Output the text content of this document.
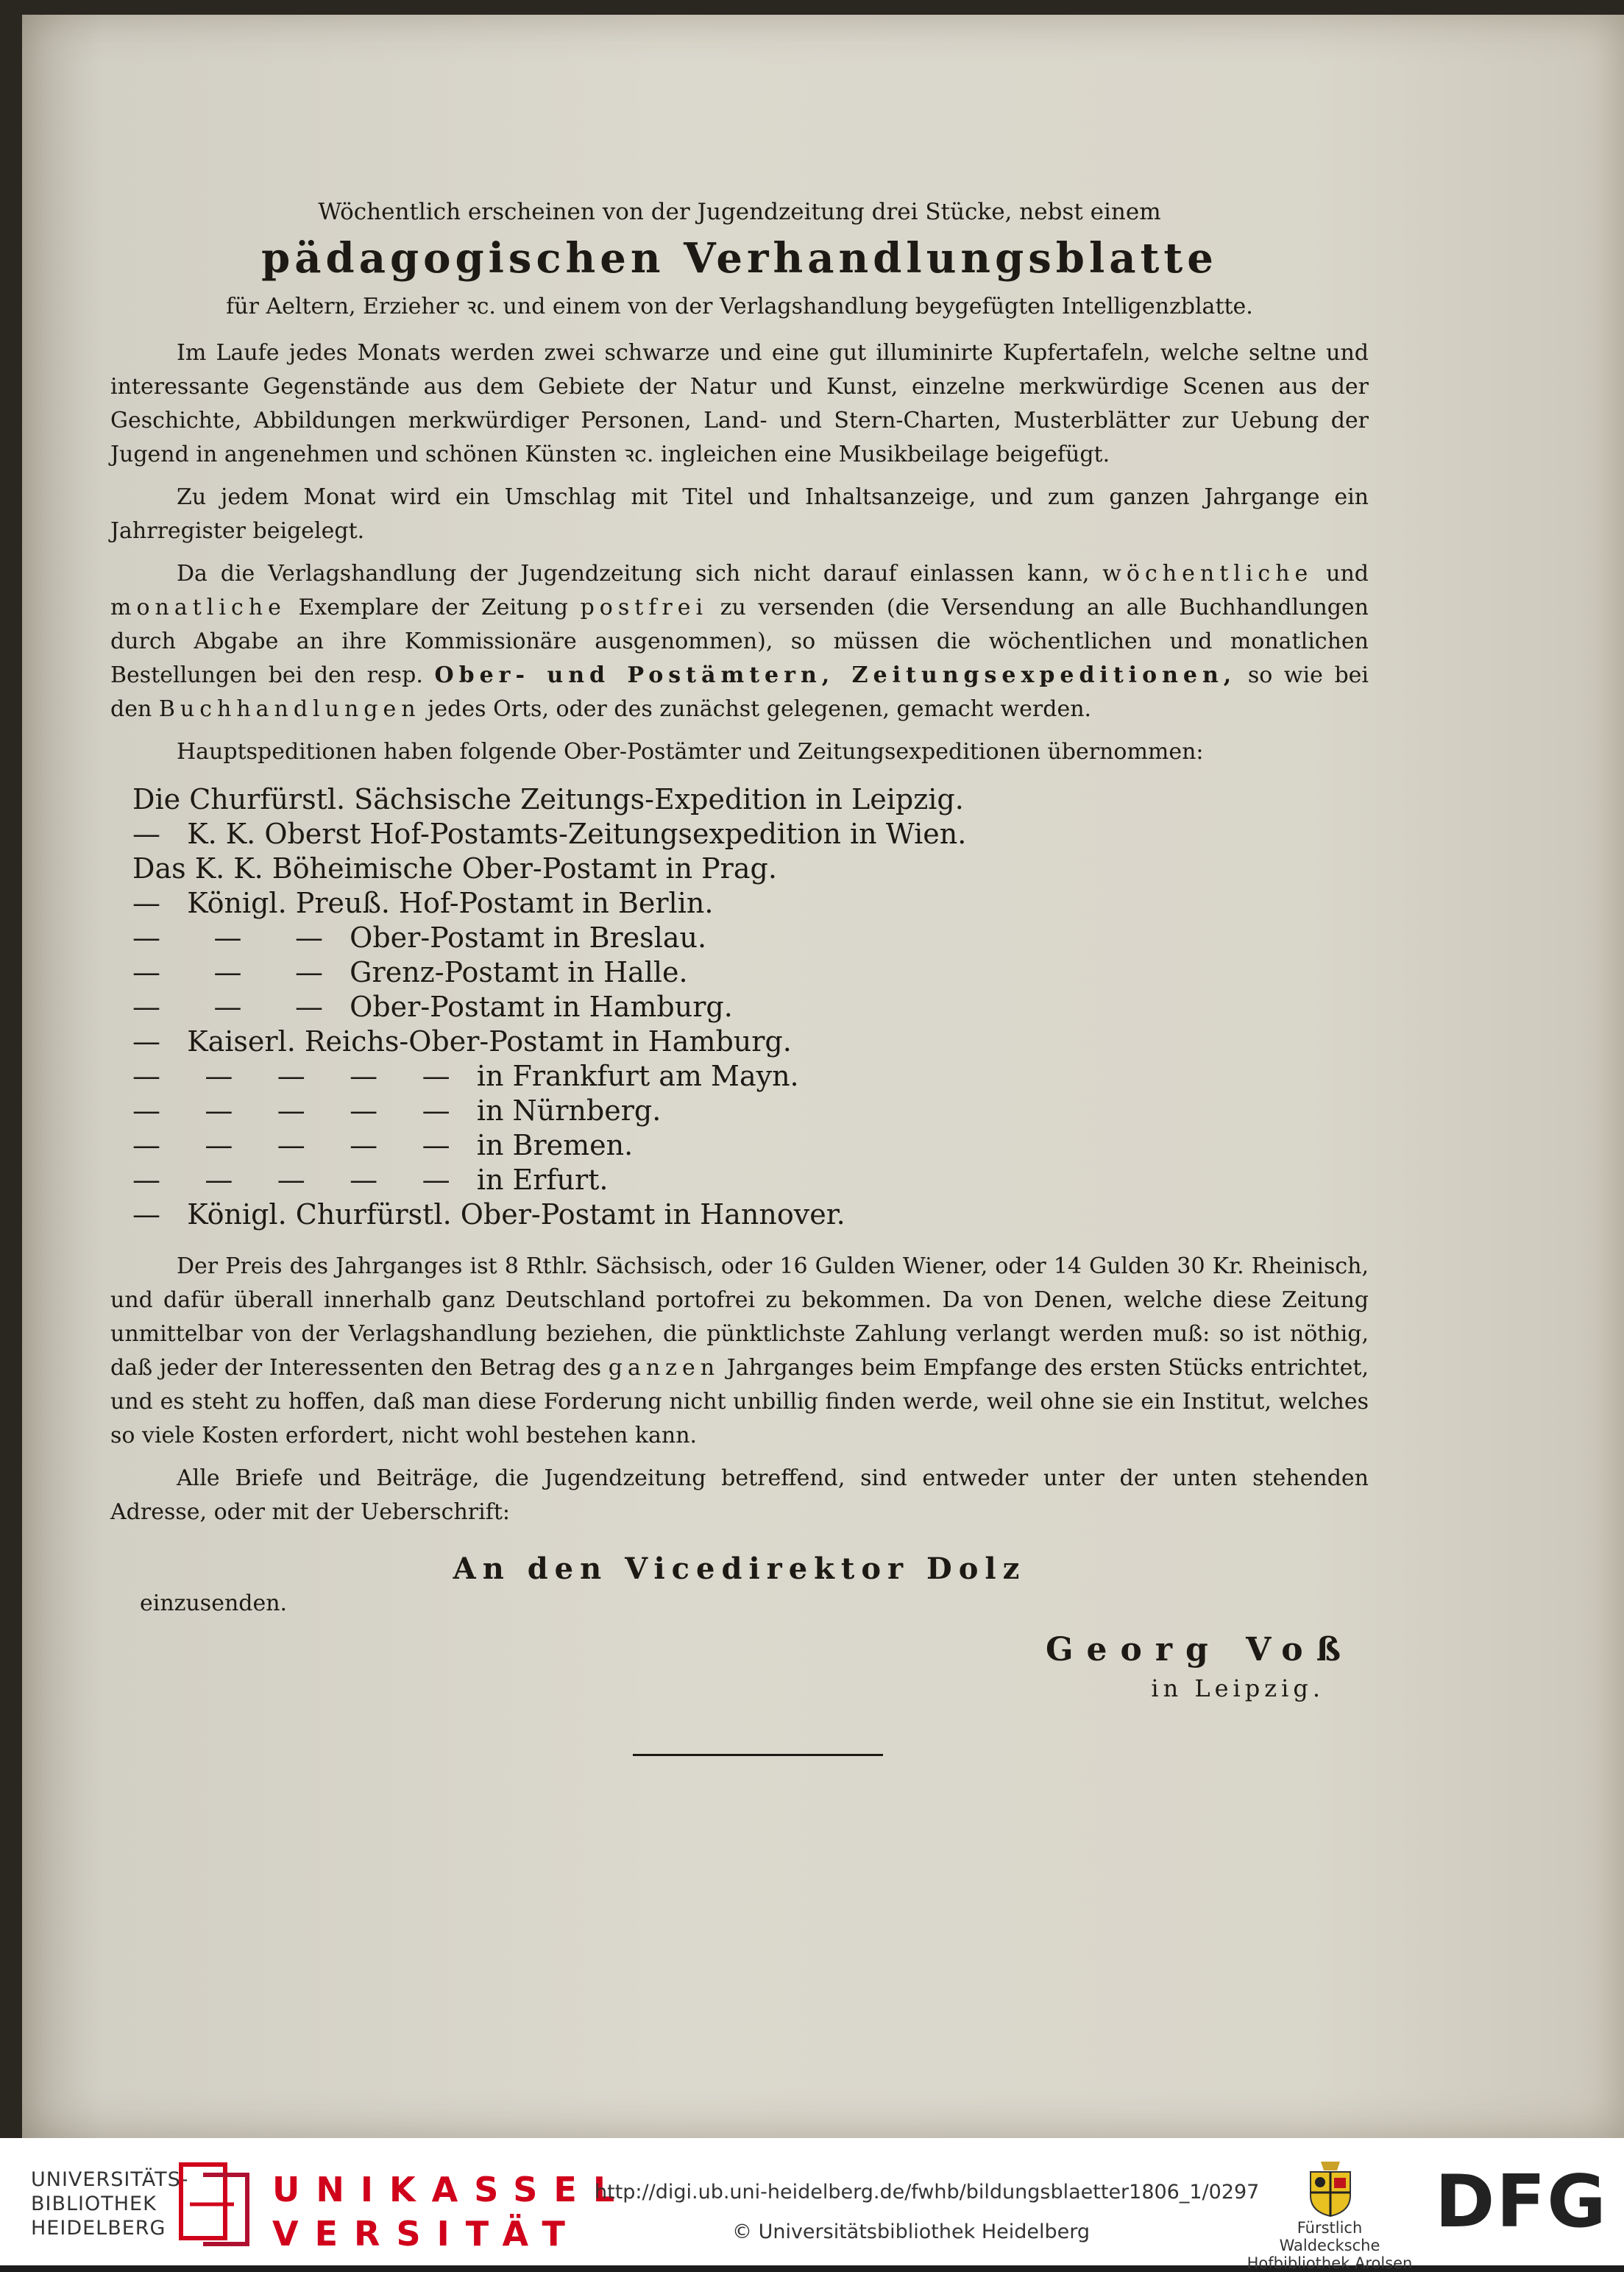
Wöchentlich erscheinen von der Jugendzeitung drei Stücke, nebst einem
pädagogischen Verhandlungsblatte
für Aeltern, Erzieher ꝛc. und einem von der Verlagshandlung beygefügten Intelligenzblatte.

Im Laufe jedes Monats werden zwei schwarze und eine gut illuminirte Kupfertafeln, welche seltne und interessante Gegenstände aus dem Gebiete der Natur und Kunst, einzelne merkwürdige Scenen aus der Geschichte, Abbildungen merkwürdiger Personen, Land- und Stern-Charten, Musterblätter zur Uebung der Jugend in angenehmen und schönen Künsten ꝛc. ingleichen eine Musikbeilage beigefügt.

Zu jedem Monat wird ein Umschlag mit Titel und Inhaltsanzeige, und zum ganzen Jahrgange ein Jahrregister beigelegt.

Da die Verlagshandlung der Jugendzeitung sich nicht darauf einlassen kann, wöchentliche und monatliche Exemplare der Zeitung postfrei zu versenden (die Versendung an alle Buchhandlungen durch Abgabe an ihre Kommissionäre ausgenommen), so müssen die wöchentlichen und monatlichen Bestellungen bei den resp. Ober- und Postämtern, Zeitungsexpeditionen, so wie bei den Buchhandlungen jedes Orts, oder des zunächst gelegenen, gemacht werden.

Hauptspeditionen haben folgende Ober-Postämter und Zeitungsexpeditionen übernommen:

Die Churfürstl. Sächsische Zeitungs-Expedition in Leipzig.
—   K. K. Oberst Hof-Postamts-Zeitungsexpedition in Wien.
Das K. K. Böheimische Ober-Postamt in Prag.
—   Königl. Preuß. Hof-Postamt in Berlin.
—      —      —   Ober-Postamt in Breslau.
—      —      —   Grenz-Postamt in Halle.
—      —      —   Ober-Postamt in Hamburg.
—   Kaiserl. Reichs-Ober-Postamt in Hamburg.
—     —     —     —     —   in Frankfurt am Mayn.
—     —     —     —     —   in Nürnberg.
—     —     —     —     —   in Bremen.
—     —     —     —     —   in Erfurt.
—   Königl. Churfürstl. Ober-Postamt in Hannover.

Der Preis des Jahrganges ist 8 Rthlr. Sächsisch, oder 16 Gulden Wiener, oder 14 Gulden 30 Kr. Rheinisch, und dafür überall innerhalb ganz Deutschland portofrei zu bekommen. Da von Denen, welche diese Zeitung unmittelbar von der Verlagshandlung beziehen, die pünktlichste Zahlung verlangt werden muß: so ist nöthig, daß jeder der Interessenten den Betrag des ganzen Jahrganges beim Empfange des ersten Stücks entrichtet, und es steht zu hoffen, daß man diese Forderung nicht unbillig finden werde, weil ohne sie ein Institut, welches so viele Kosten erfordert, nicht wohl bestehen kann.

Alle Briefe und Beiträge, die Jugendzeitung betreffend, sind entweder unter der unten stehenden Adresse, oder mit der Ueberschrift:

An den Vicedirektor Dolz
einzusenden.
Georg Voß
in Leipzig.
UNIVERSITÄTS-
BIBLIOTHEK
HEIDELBERG
UNIKASSEL
VERSITÄT
http://digi.ub.uni-heidelberg.de/fwhb/bildungsblaetter1806_1/0297
© Universitätsbibliothek Heidelberg	Fürstlich Waldecksche
Hofbibliothek Arolsen
DFG
